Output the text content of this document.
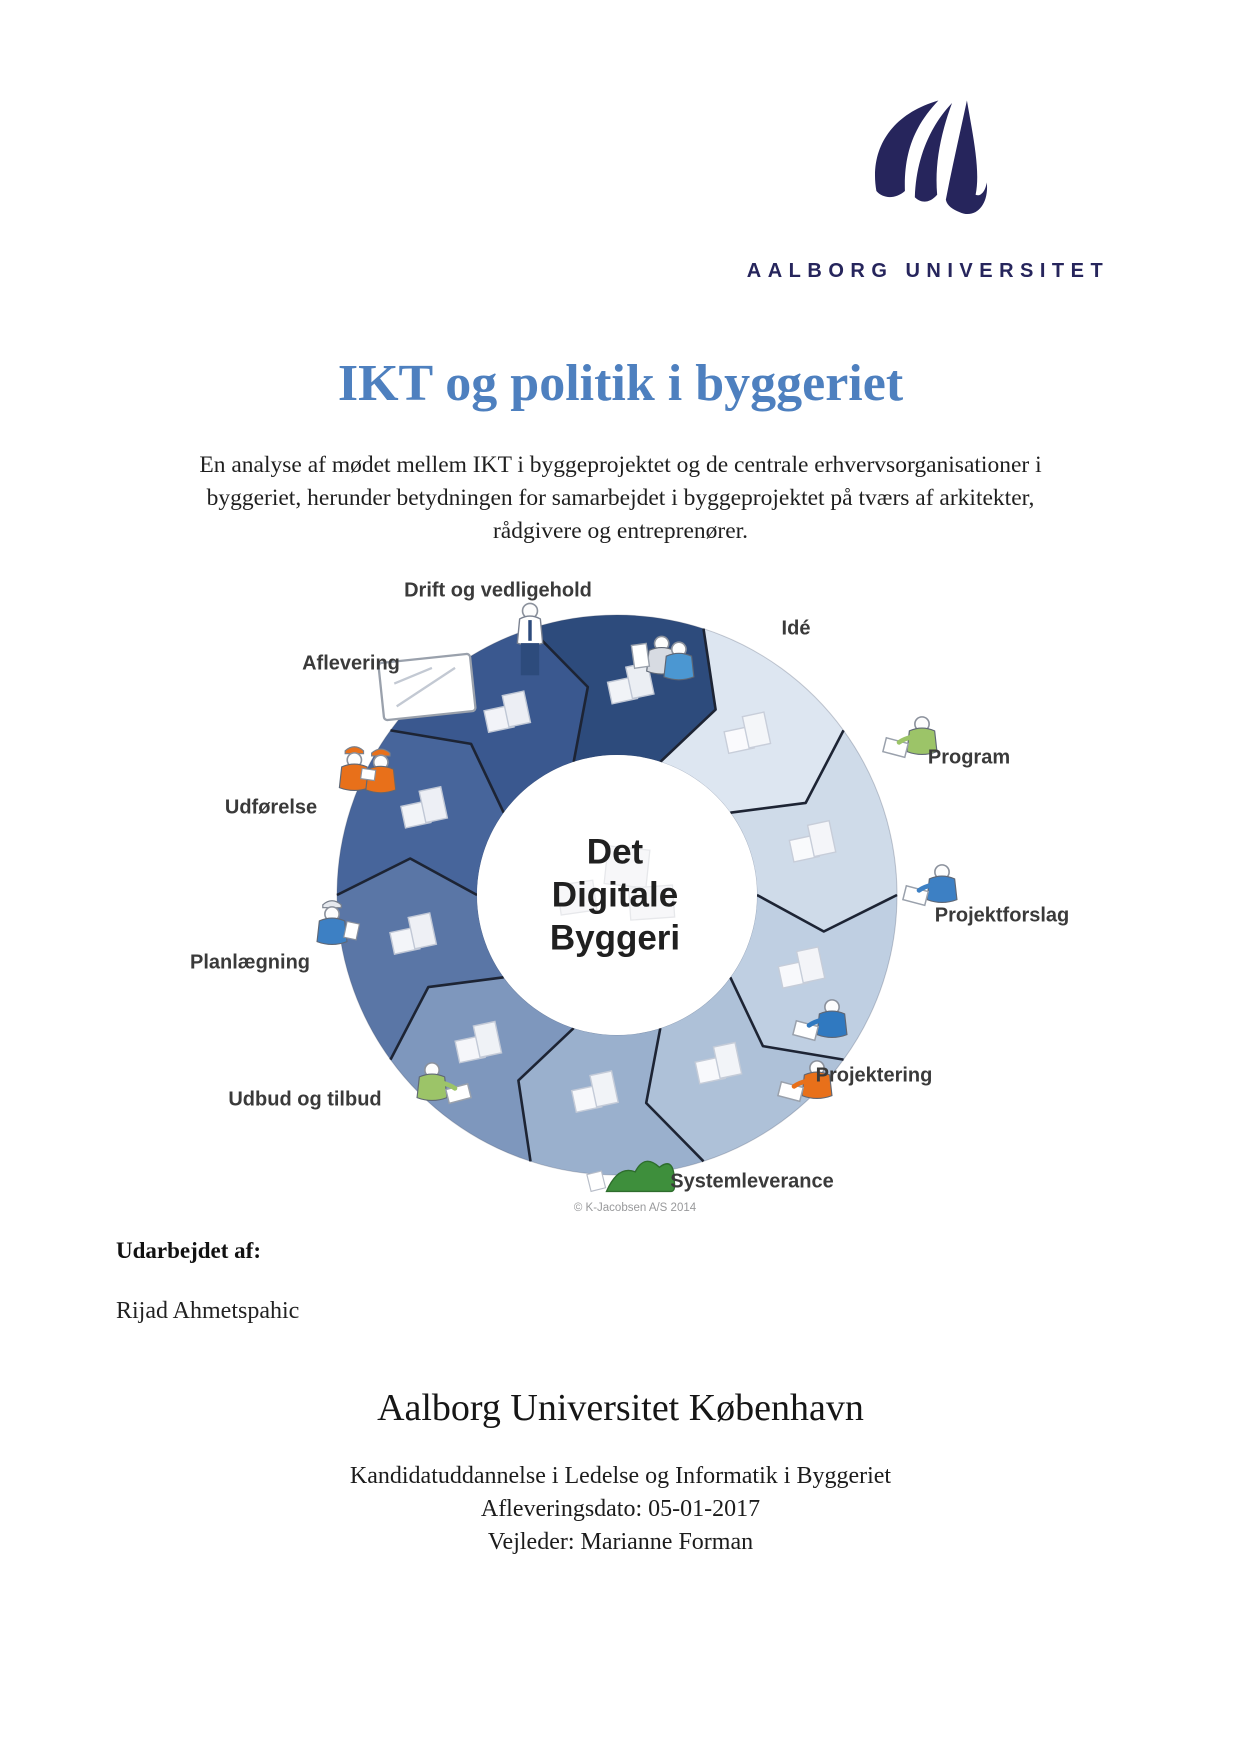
AALBORG UNIVERSITET
IKT og politik i byggeriet
En analyse af mødet mellem IKT i byggeprojektet og de centrale erhvervsorganisationer i
byggeriet, herunder betydningen for samarbejdet i byggeprojektet på tværs af arkitekter,
rådgivere og entreprenører.
Det
Digitale
Byggeri
Drift og vedligehold
Idé
Program
Projektforslag
Projektering
Systemleverance
Udbud og tilbud
Planlægning
Udførelse
Aflevering
© K-Jacobsen A/S 2014
Udarbejdet af:
Rijad Ahmetspahic
Aalborg Universitet København
Kandidatuddannelse i Ledelse og Informatik i Byggeriet
Afleveringsdato: 05-01-2017
Vejleder: Marianne Forman
